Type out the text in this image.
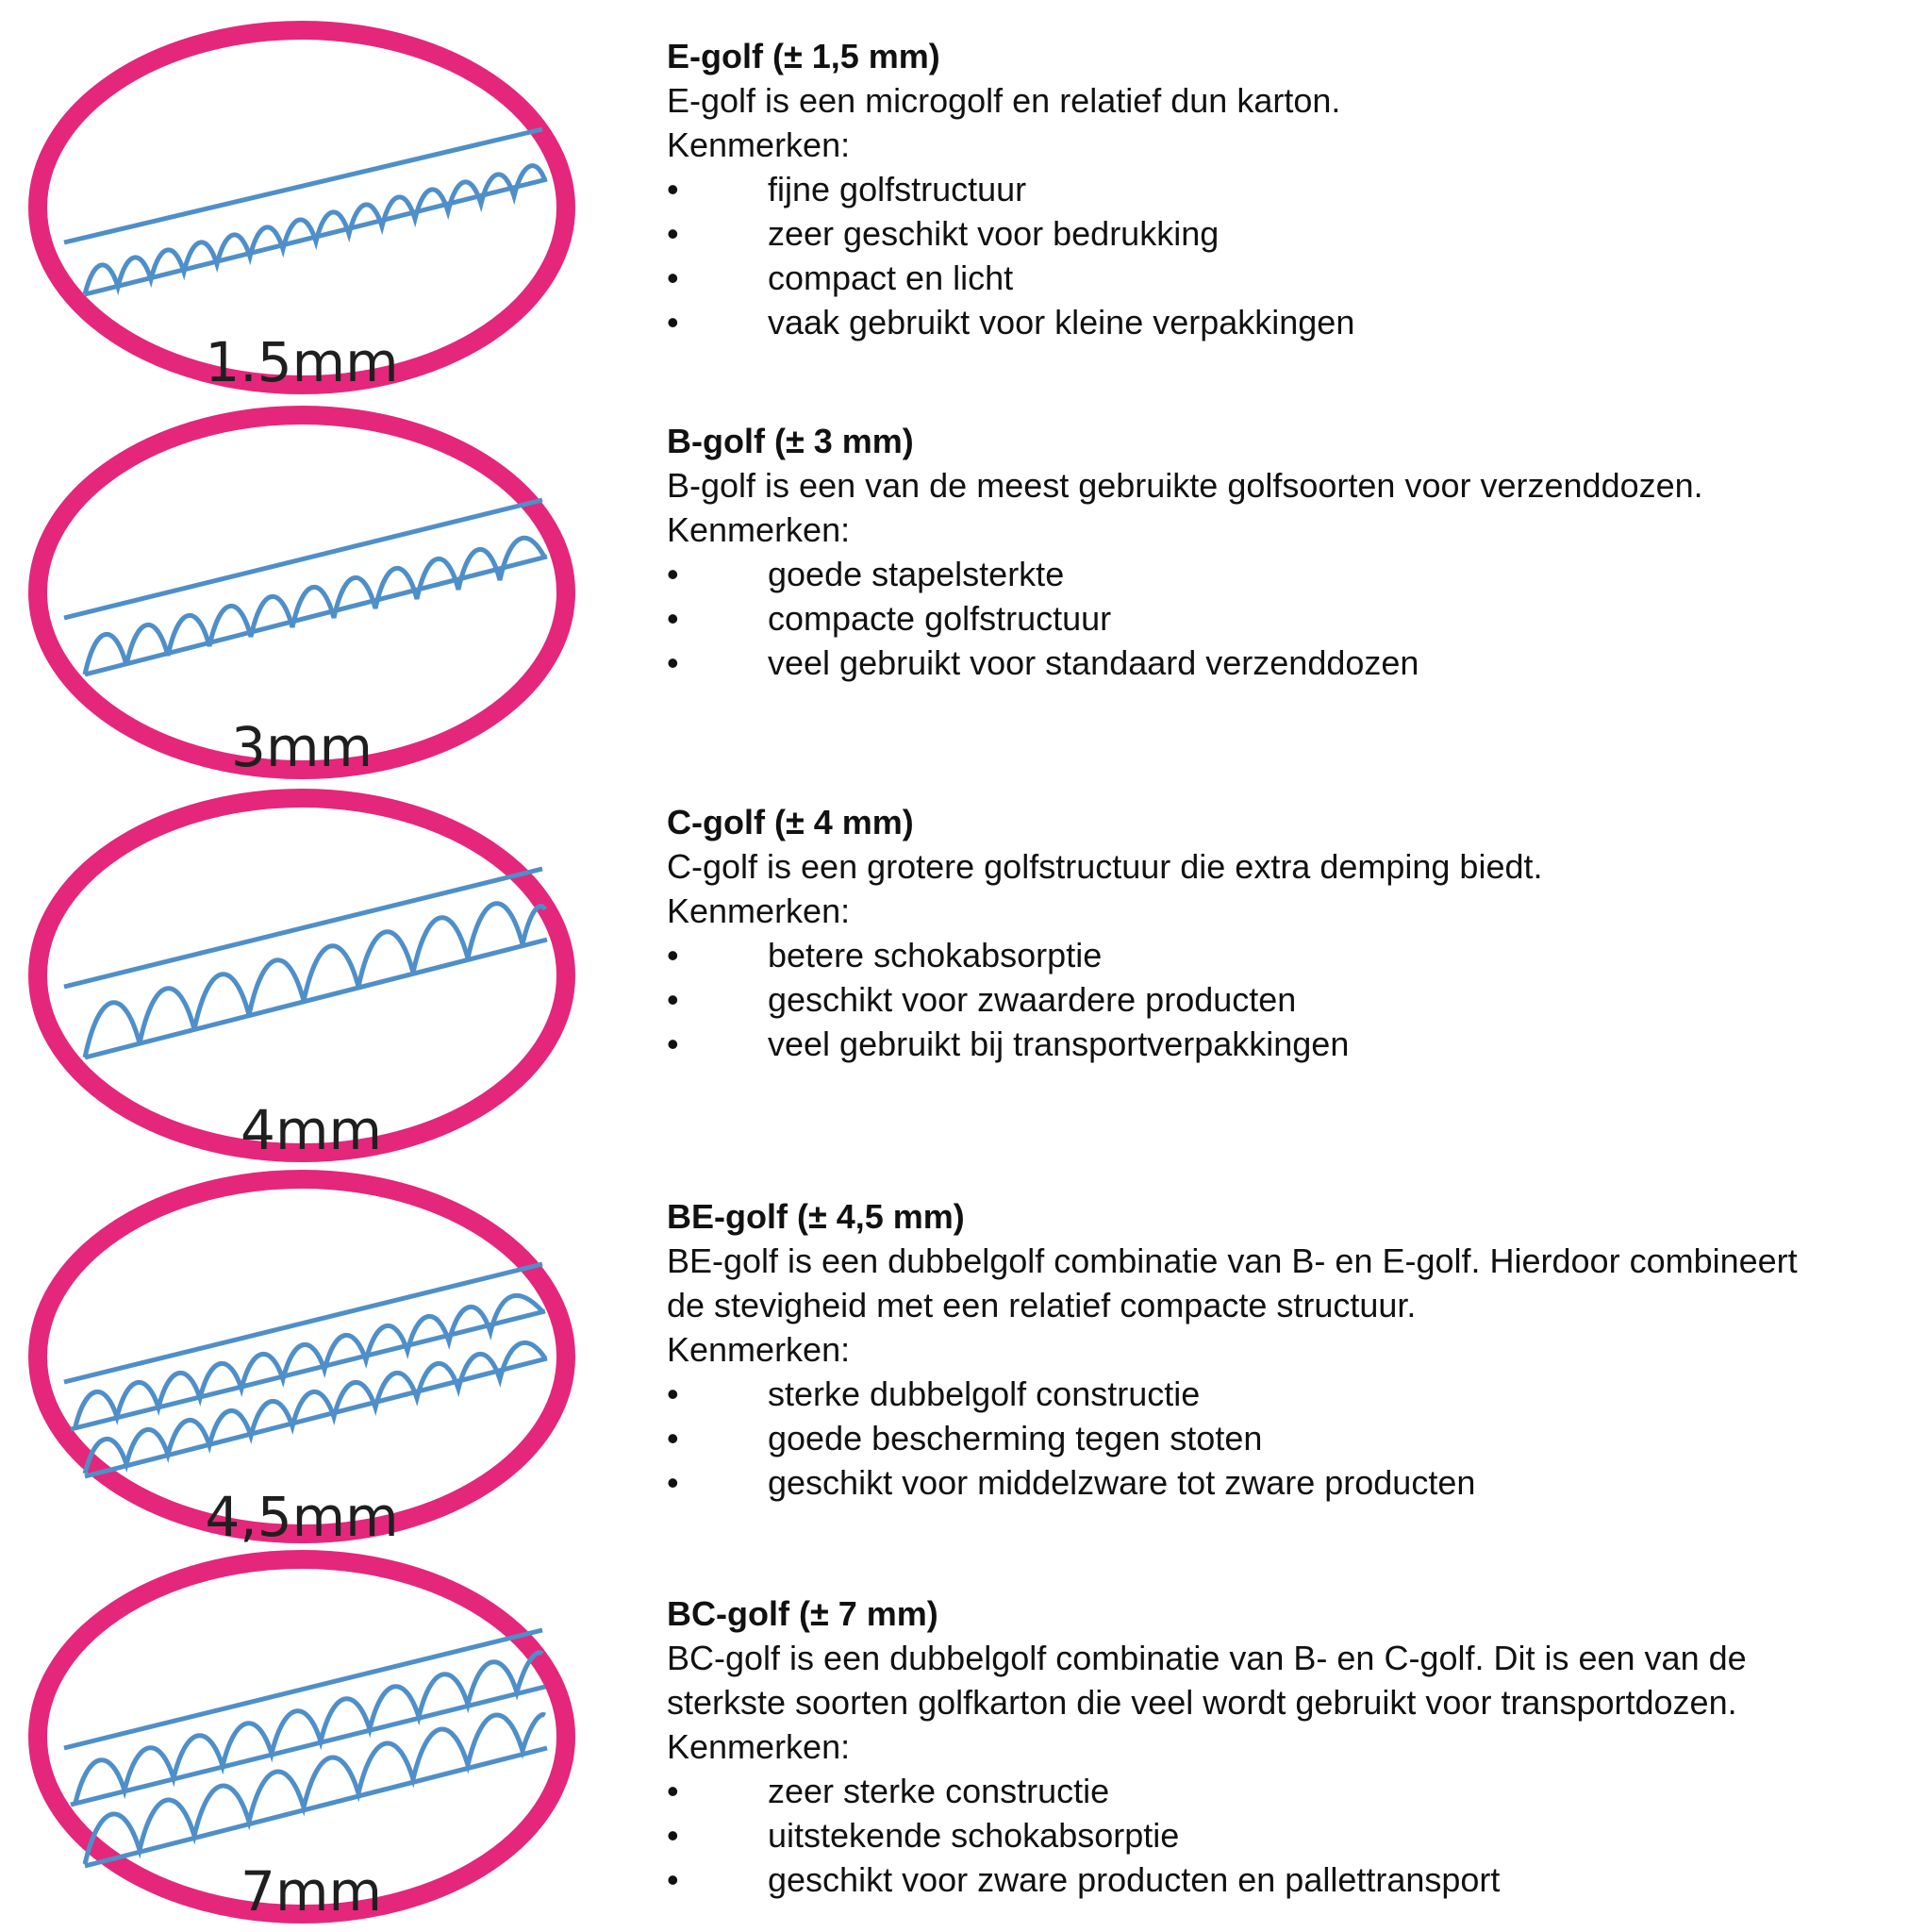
1.5mm

E-golf (± 1,5 mm)

E-golf is een microgolf en relatief dun karton.

Kenmerken:

•	fijne golfstructuur
•	zeer geschikt voor bedrukking
•	compact en licht
•	vaak gebruikt voor kleine verpakkingen
3mm

B-golf (± 3 mm)

B-golf is een van de meest gebruikte golfsoorten voor verzenddozen.

Kenmerken:

•	goede stapelsterkte
•	compacte golfstructuur
•	veel gebruikt voor standaard verzenddozen
4mm

C-golf (± 4 mm)

C-golf is een grotere golfstructuur die extra demping biedt.

Kenmerken:

•	betere schokabsorptie
•	geschikt voor zwaardere producten
•	veel gebruikt bij transportverpakkingen
4,5mm

BE-golf (± 4,5 mm)

BE-golf is een dubbelgolf combinatie van B- en E-golf. Hierdoor combineert

de stevigheid met een relatief compacte structuur.

Kenmerken:

•	sterke dubbelgolf constructie
•	goede bescherming tegen stoten
•	geschikt voor middelzware tot zware producten
7mm

BC-golf (± 7 mm)

BC-golf is een dubbelgolf combinatie van B- en C-golf. Dit is een van de

sterkste soorten golfkarton die veel wordt gebruikt voor transportdozen.

Kenmerken:

•	zeer sterke constructie
•	uitstekende schokabsorptie
•	geschikt voor zware producten en pallettransport
